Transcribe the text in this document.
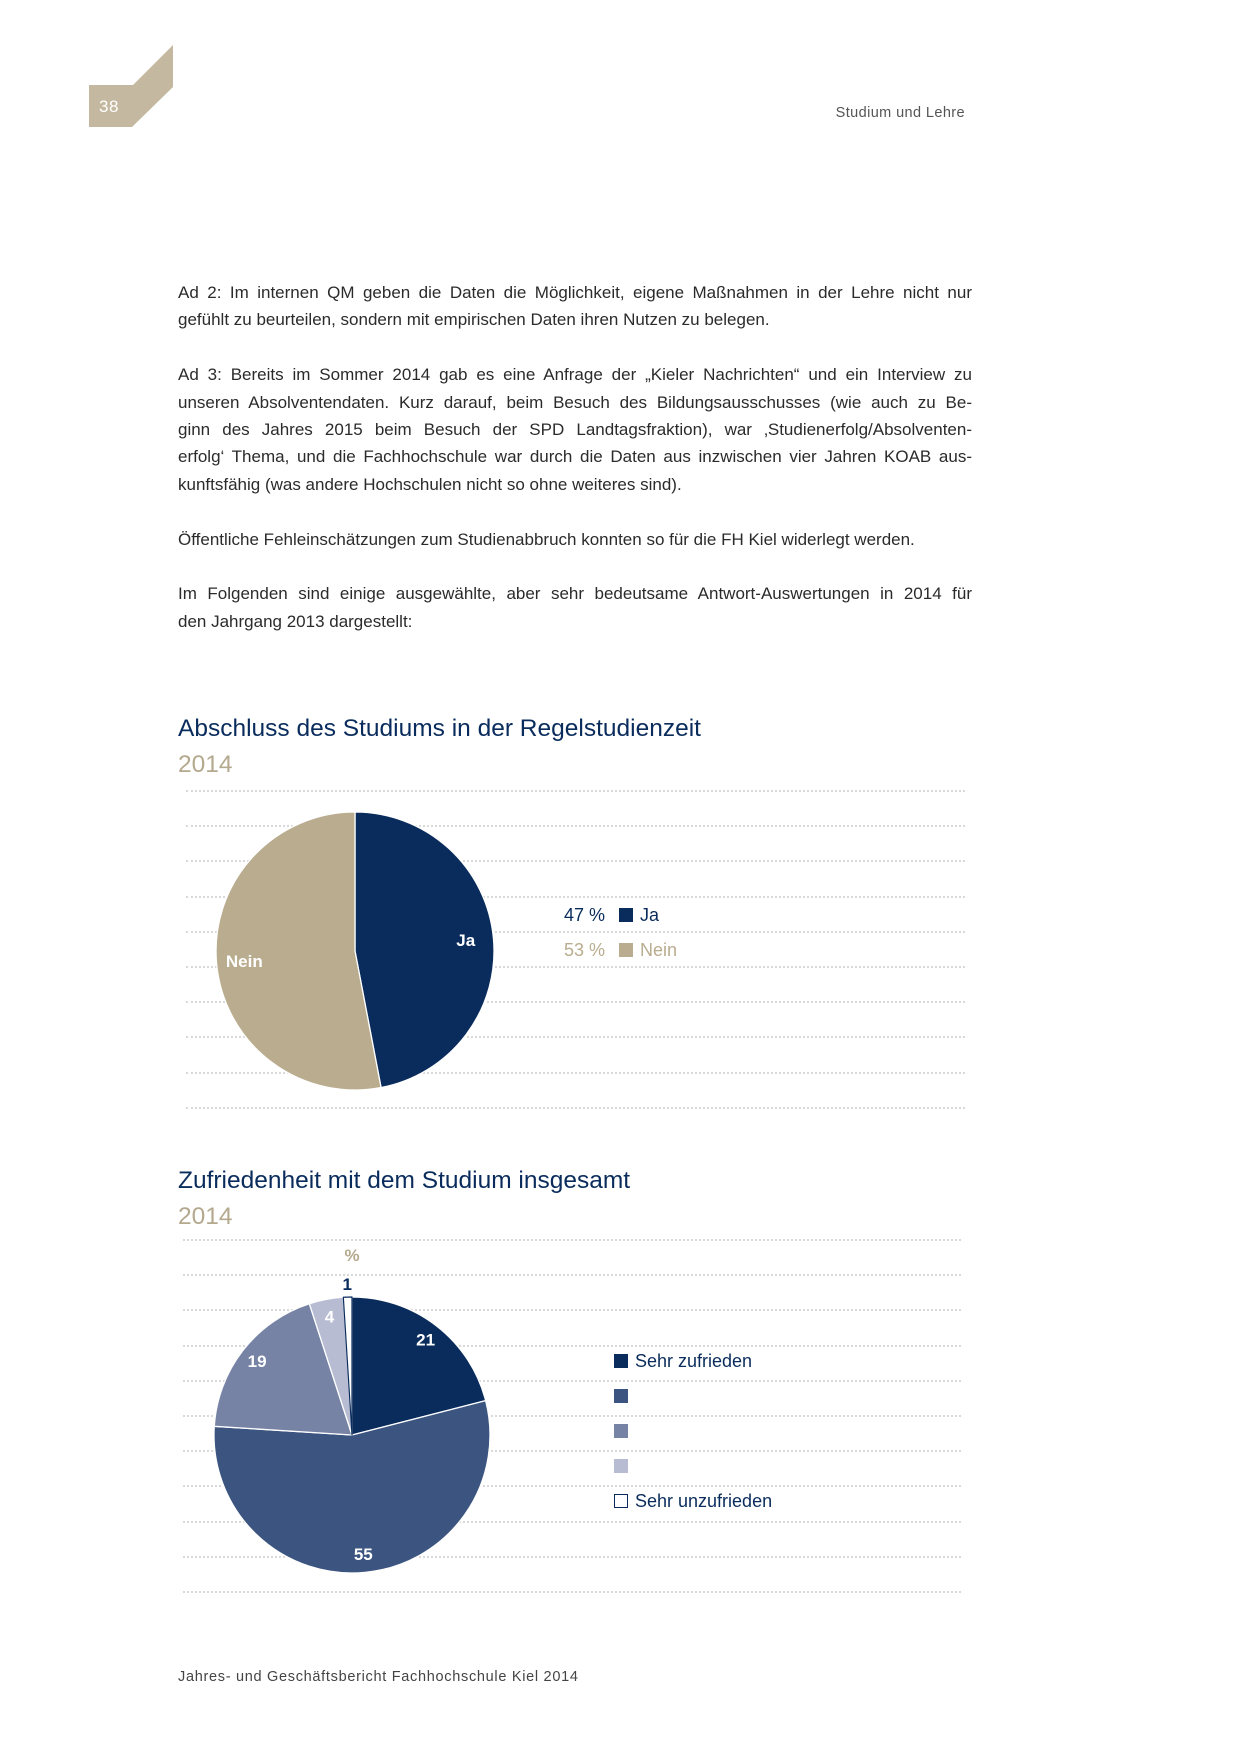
38	Studium und Lehre
Ad 2: Im internen QM geben die Daten die Möglichkeit, eigene Maßnahmen in der Lehre nicht nur
gefühlt zu beurteilen, sondern mit empirischen Daten ihren Nutzen zu belegen.
Ad 3: Bereits im Sommer 2014 gab es eine Anfrage der „Kieler Nachrichten“ und ein Interview zu
unseren Absolventendaten. Kurz darauf, beim Besuch des Bildungsausschusses (wie auch zu Be-
ginn des Jahres 2015 beim Besuch der SPD Landtagsfraktion), war ‚Studienerfolg/Absolventen-
erfolg‘ Thema, und die Fachhochschule war durch die Daten aus inzwischen vier Jahren KOAB aus-
kunftsfähig (was andere Hochschulen nicht so ohne weiteres sind).
Öffentliche Fehleinschätzungen zum Studienabbruch konnten so für die FH Kiel widerlegt werden.
Im Folgenden sind einige ausgewählte, aber sehr bedeutsame Antwort-Auswertungen in 2014 für
den Jahrgang 2013 dargestellt:
Abschluss des Studiums in der Regelstudienzeit
2014
Ja
Nein
47 % Ja
53 % Nein
Zufriedenheit mit dem Studium insgesamt
2014
21
55
19
4
1
%
Sehr zufrieden
Sehr unzufrieden
Jahres- und Geschäftsbericht Fachhochschule Kiel 2014
